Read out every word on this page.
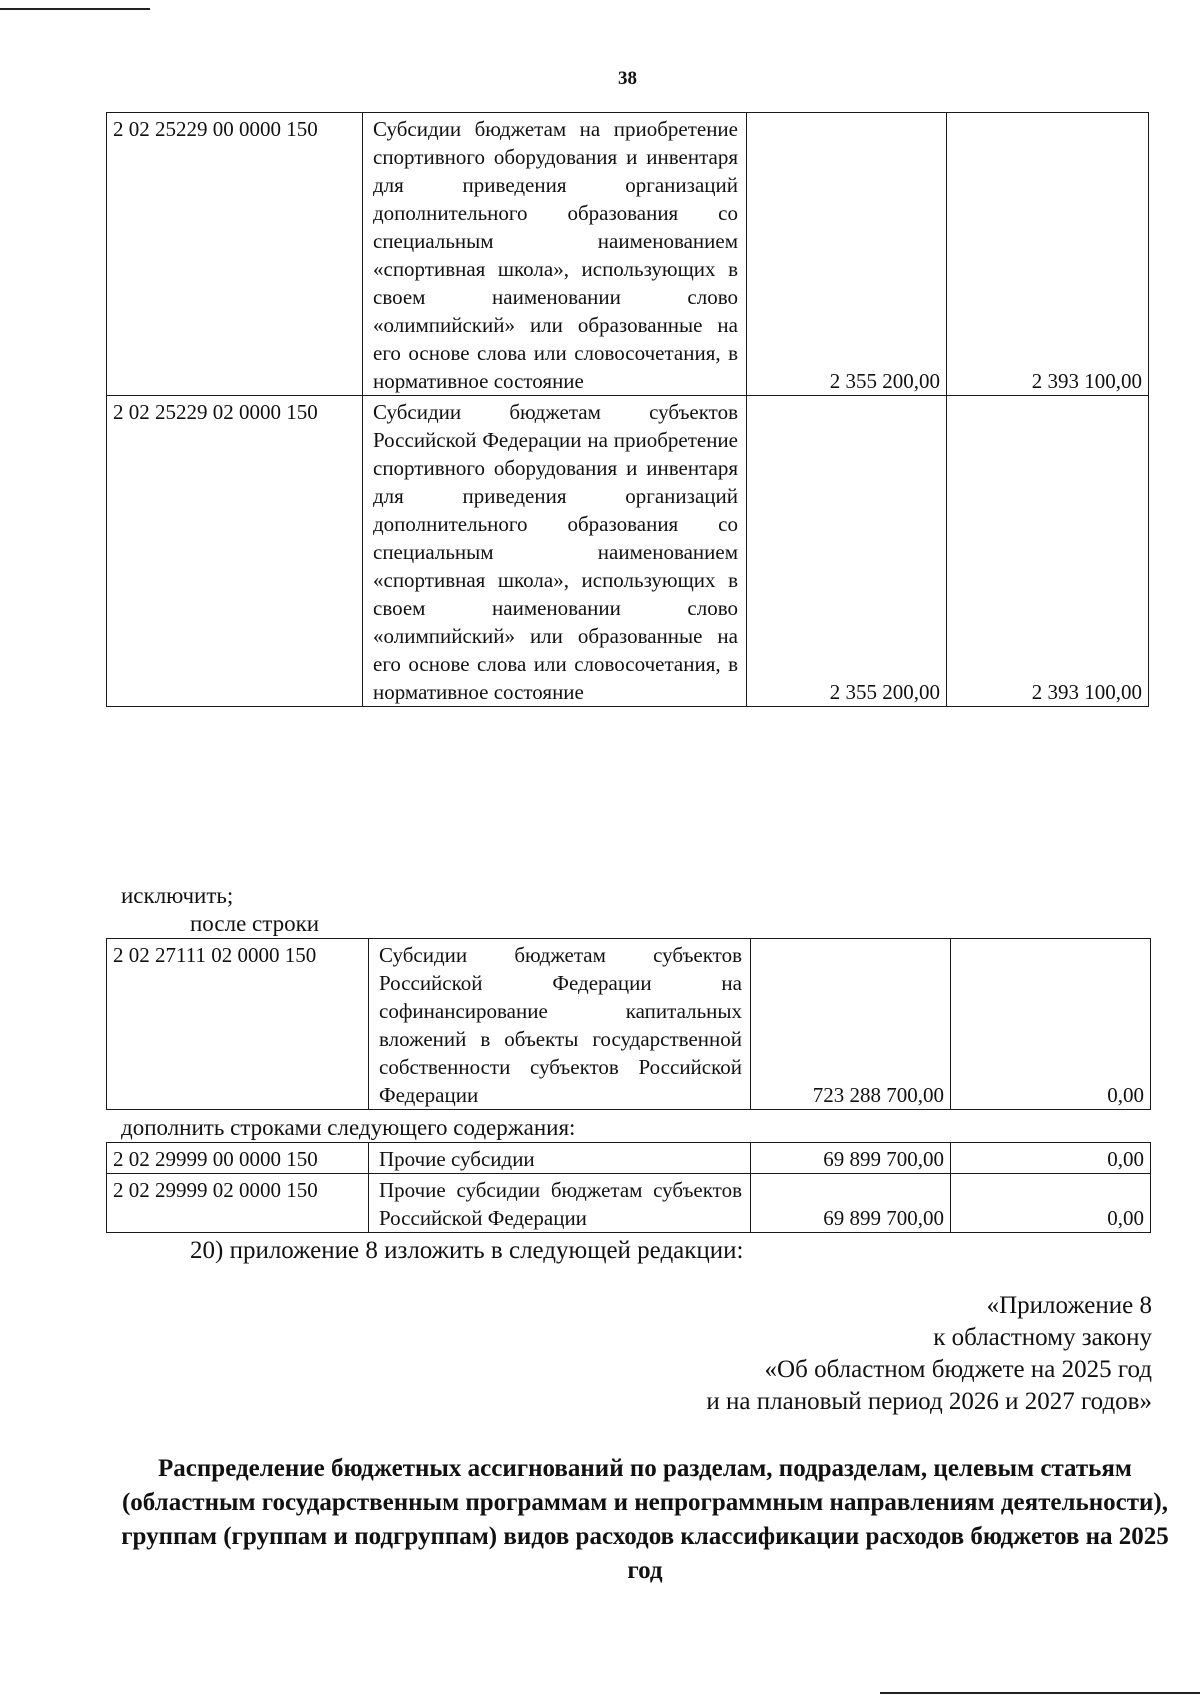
38
2 02 25229 00 0000 150	Субсидии бюджетам на приобретение спортивного оборудования и инвентаря для приведения организаций дополнительного образования со специальным наименованием «спортивная школа», использующих в своем наименовании слово «олимпийский» или образованные на его основе слова или словосочетания, в нормативное состояние	2 355 200,00	2 393 100,00
2 02 25229 02 0000 150	Субсидии бюджетам субъектов Российской Федерации на приобретение спортивного оборудования и инвентаря для приведения организаций дополнительного образования со специальным наименованием «спортивная школа», использующих в своем наименовании слово «олимпийский» или образованные на его основе слова или словосочетания, в нормативное состояние	2 355 200,00	2 393 100,00
исключить;
после строки
2 02 27111 02 0000 150	Субсидии бюджетам субъектов Российской Федерации на софинансирование капитальных вложений в объекты государственной собственности субъектов Российской Федерации	723 288 700,00	0,00
дополнить строками следующего содержания:
2 02 29999 00 0000 150	Прочие субсидии	69 899 700,00	0,00
2 02 29999 02 0000 150	Прочие субсидии бюджетам субъектов Российской Федерации	69 899 700,00	0,00
20) приложение 8 изложить в следующей редакции:
«Приложение 8
к областному закону
«Об областном бюджете на 2025 год
и на плановый период 2026 и 2027 годов»
Распределение бюджетных ассигнований по разделам, подразделам, целевым статьям (областным государственным программам и непрограммным направлениям деятельности), группам (группам и подгруппам) видов расходов классификации расходов бюджетов на 2025 год
